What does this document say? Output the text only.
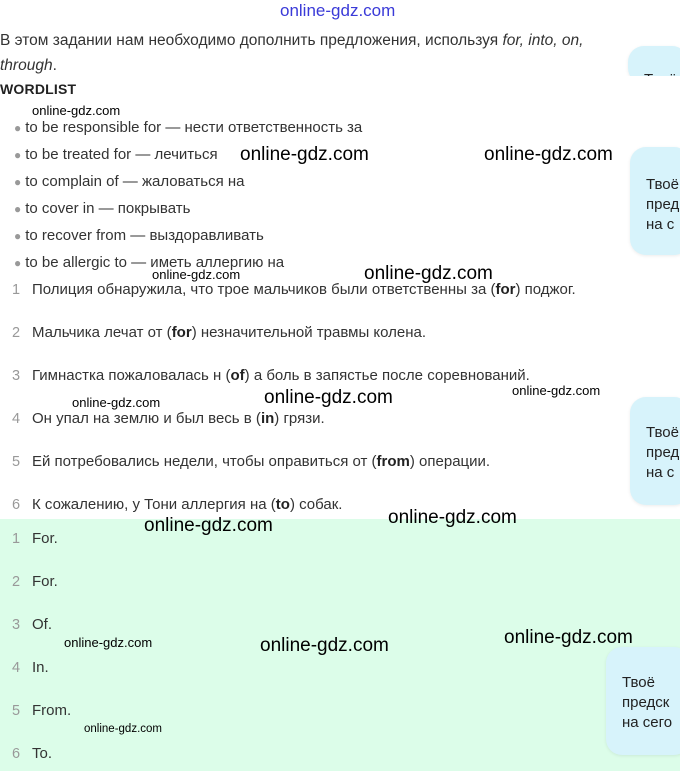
online-gdz.com
В этом задании нам необходимо дополнить предложения, используя for, into, on, through.
WORDLIST
● to be responsible for — нести ответственность за
● to be treated for — лечиться
● to complain of — жаловаться на
● to cover in — покрывать
● to recover from — выздоравливать
● to be allergic to — иметь аллергию на
1 Полиция обнаружила, что трое мальчиков были ответственны за (for) поджог.
2 Мальчика лечат от (for) незначительной травмы колена.
3 Гимнастка пожаловалась н (of) а боль в запястье после соревнований.
4 Он упал на землю и был весь в (in) грязи.
5 Ей потребовались недели, чтобы оправиться от (from) операции.
6 К сожалению, у Тони аллергия на (to) собак.
1 For.
2 For.
3 Of.
4 In.
5 From.
6 To.
Твоё
пред
на с
Твоё
пред
на с
Твоё
предск
на сего
online-gdz.com
online-gdz.com	online-gdz.com
online-gdz.com	online-gdz.com
online-gdz.com
online-gdz.com	online-gdz.com
online-gdz.com
online-gdz.com
online-gdz.com
online-gdz.com	online-gdz.com
online-gdz.com
